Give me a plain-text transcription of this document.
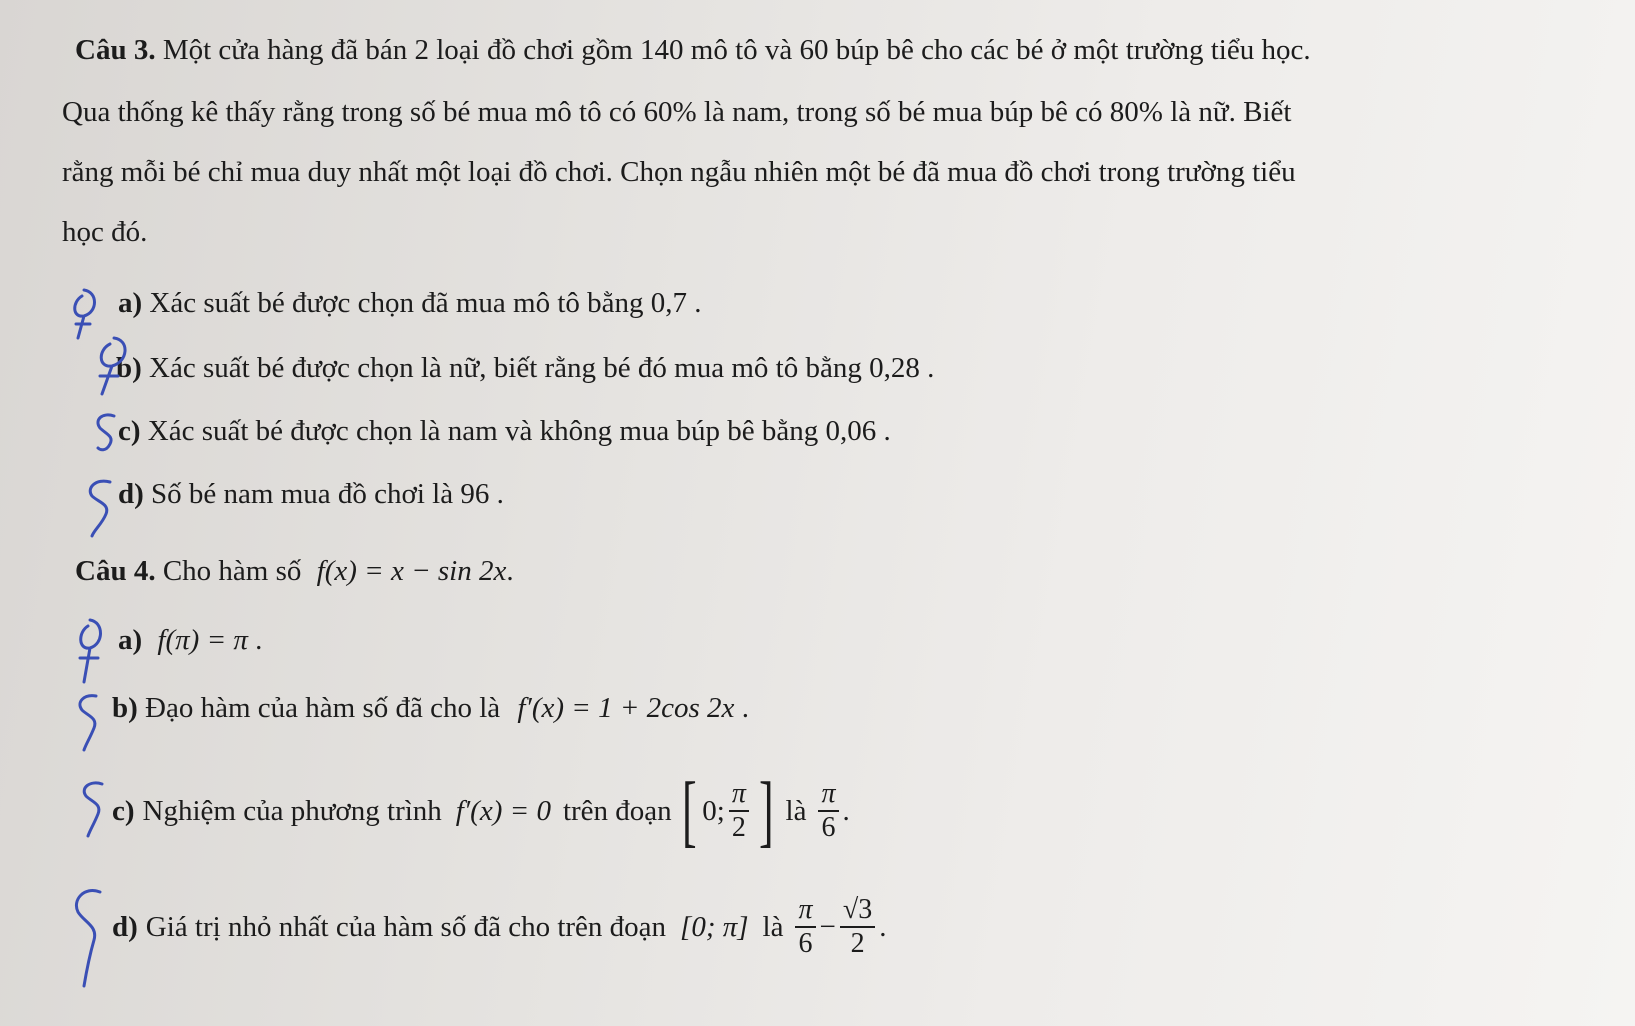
Câu 3. Một cửa hàng đã bán 2 loại đồ chơi gồm 140 mô tô và 60 búp bê cho các bé ở một trường tiểu học.
Qua thống kê thấy rằng trong số bé mua mô tô có 60% là nam, trong số bé mua búp bê có 80% là nữ. Biết
rằng mỗi bé chỉ mua duy nhất một loại đồ chơi. Chọn ngẫu nhiên một bé đã mua đồ chơi trong trường tiểu
học đó.
a) Xác suất bé được chọn đã mua mô tô bằng 0,7 .
b) Xác suất bé được chọn là nữ, biết rằng bé đó mua mô tô bằng 0,28 .
c) Xác suất bé được chọn là nam và không mua búp bê bằng 0,06 .
d) Số bé nam mua đồ chơi là 96 .
Câu 4. Cho hàm số f(x) = x − sin 2x.
a) f(π) = π .
b) Đạo hàm của hàm số đã cho là f′(x) = 1 + 2cos 2x .
c) Nghiệm của phương trình f′(x) = 0 trên đoạn [ 0; $\frac{\pi}{2}$ ] là $\frac{\pi}{6}$ .
d) Giá trị nhỏ nhất của hàm số đã cho trên đoạn [0; π] là $\frac{\pi}{6} - \frac{√3}{2}$ .
